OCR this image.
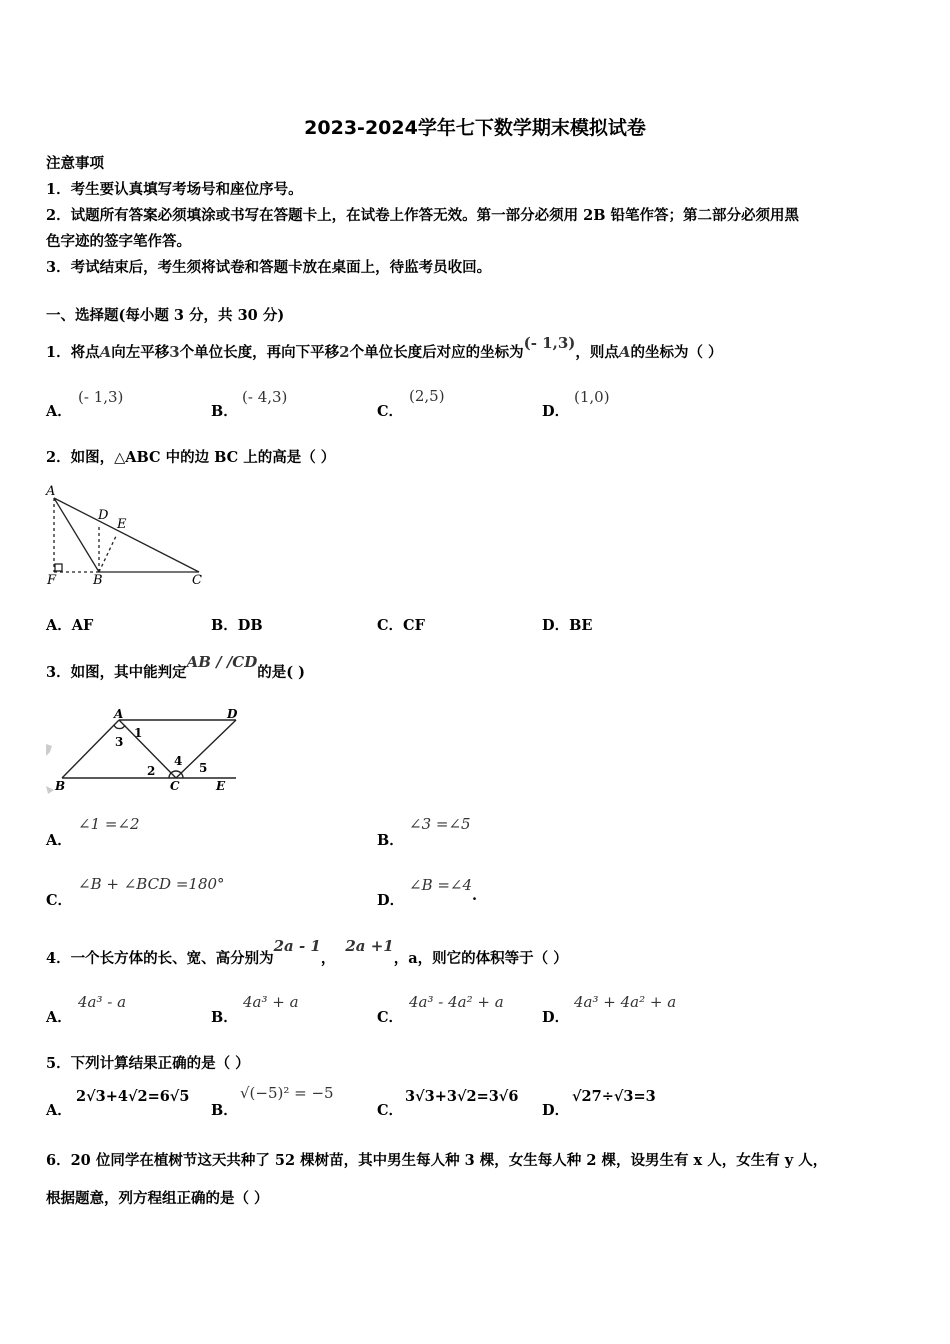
2023-2024学年七下数学期末模拟试卷
注意事项
1．考生要认真填写考场号和座位序号。
2．试题所有答案必须填涂或书写在答题卡上，在试卷上作答无效。第一部分必须用 2B 铅笔作答；第二部分必须用黑
色字迹的签字笔作答。
3．考试结束后，考生须将试卷和答题卡放在桌面上，待监考员收回。
一、选择题(每小题 3 分，共 30 分)
1．将点A向左平移3个单位长度，再向下平移2个单位长度后对应的坐标为(- 1,3)，则点A的坐标为（ ）
A．
(- 1,3)
B．
(- 4,3)
C．
(2,5)
D．
(1,0)
2．如图，△ABC 中的边 BC 上的高是（ ）
A
D
E
F	B	C
A．AF	B．DB	C．CF	D．BE
3．如图，其中能判定AB / /CD的是( )
A	D
B	C	E
1
2
3
4 5
A．
∠1 =∠2
B．
∠3 =∠5
C．
∠B + ∠BCD =180°
D．
∠B =∠4.
4．一个长方体的长、宽、高分别为2a - 1，2a +1，a，则它的体积等于（ ）
A．
4a³ - a
B．
4a³ + a
C．
4a³ - 4a² + a
D．
4a³ + 4a² + a
5．下列计算结果正确的是（ ）
A．
2√3+4√2=6√5
B．
√(−5)² = −5
C．
3√3+3√2=3√6
D．
√27÷√3=3
6．20 位同学在植树节这天共种了 52 棵树苗，其中男生每人种 3 棵，女生每人种 2 棵，设男生有 x 人，女生有 y 人，
根据题意，列方程组正确的是（ ）
